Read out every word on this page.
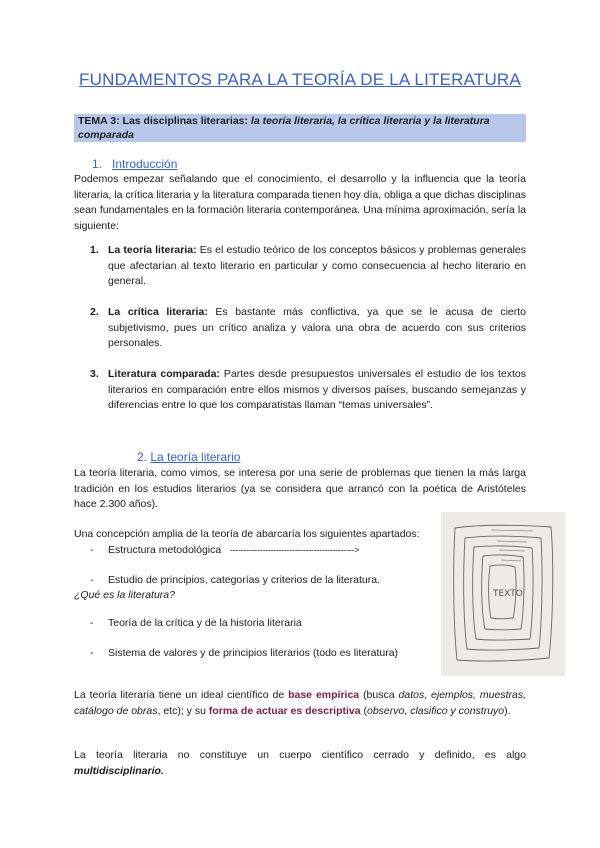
FUNDAMENTOS PARA LA TEORÍA DE LA LITERATURA
TEMA 3: Las disciplinas literarias: la teoría literaria, la crítica literaria y la literatura
comparada
1. Introducción
Podemos empezar señalando que el conocimiento, el desarrollo y la influencia que la teoría literaria, la crítica literaria y la literatura comparada tienen hoy día, obliga a que dichas disciplinas sean fundamentales en la formación literaria contemporánea. Una mínima aproximación, sería la siguiente:
1. La teoría literaria: Es el estudio teórico de los conceptos básicos y problemas generales que afectarían al texto literario en particular y como consecuencia al hecho literario en general.
2. La crítica literaria: Es bastante más conflictiva, ya que se le acusa de cierto subjetivismo, pues un crítico analiza y valora una obra de acuerdo con sus criterios personales.
3. Literatura comparada: Partes desde presupuestos universales el estudio de los textos literarios en comparación entre ellos mismos y diversos países, buscando semejanzas y diferencias entre lo que los comparatistas llaman “temas universales”.
2. La teoría literario
La teoría literaria, como vimos, se interesa por una serie de problemas que tienen la más larga tradición en los estudios literarios (ya se considera que arrancó con la poética de Aristóteles hace 2.300 años).
Una concepción amplia de la teoría de abarcaría los siguientes apartados:
- Estructura metodológica ---------------------------------------------->
- Estudio de principios, categorías y criterios de la literatura.
¿Qué es la literatura?
- Teoría de la crítica y de la historia literaria
- Sistema de valores y de principios literarios (todo es literatura)
TEXTO
La teoría literaria tiene un ideal científico de base empírica (busca datos, ejemplos, muestras, catálogo de obras, etc); y su forma de actuar es descriptiva (observo, clasifico y construyo).
La teoría literaria no constituye un cuerpo científico cerrado y definido, es algo multidisciplinario.
